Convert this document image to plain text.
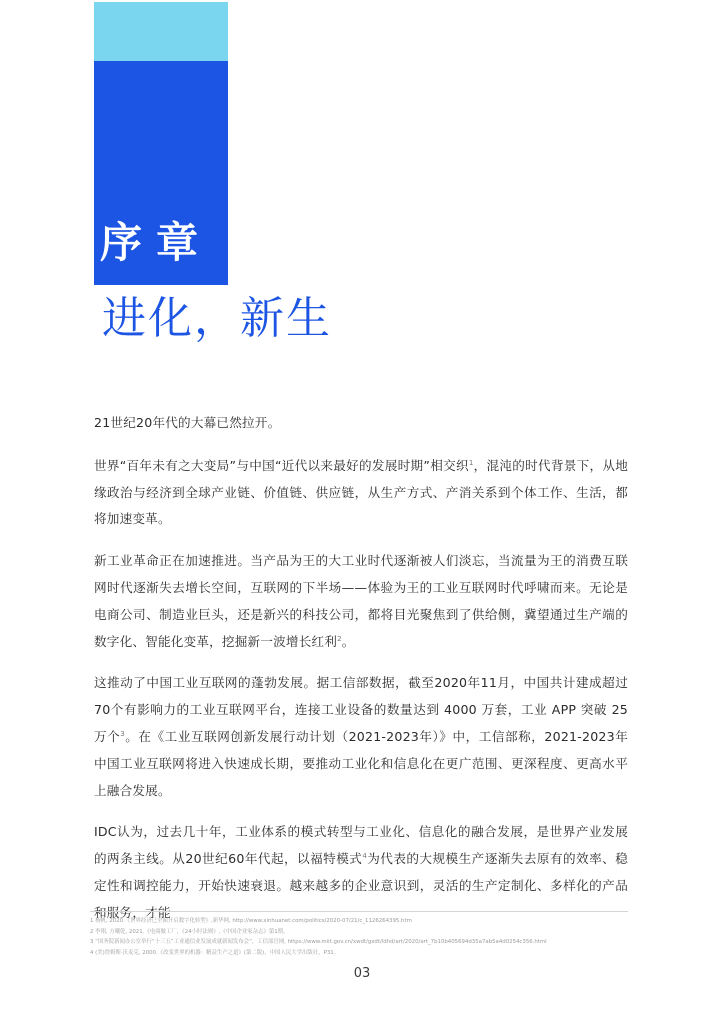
序章
进化，新生

21世纪20年代的大幕已然拉开。

世界“百年未有之大变局”与中国“近代以来最好的发展时期”相交织$^1$，混沌的时代背景下，从地缘政治与经济到全球产业链、价值链、供应链，从生产方式、产消关系到个体工作、生活，都将加速变革。

新工业革命正在加速推进。当产品为王的大工业时代逐渐被人们淡忘，当流量为王的消费互联网时代逐渐失去增长空间，互联网的下半场——体验为王的工业互联网时代呼啸而来。无论是电商公司、制造业巨头，还是新兴的科技公司，都将目光聚焦到了供给侧，冀望通过生产端的数字化、智能化变革，挖掘新一波增长红利$^2$。

这推动了中国工业互联网的蓬勃发展。据工信部数据，截至2020年11月，中国共计建成超过70个有影响力的工业互联网平台，连接工业设备的数量达到 4000 万套，工业 APP 突破 25 万个$^3$。在《工业互联网创新发展行动计划（2021-2023年）》中，工信部称，2021-2023年中国工业互联网将进入快速成长期，要推动工业化和信息化在更广范围、更深程度、更高水平上融合发展。

IDC认为，过去几十年，工业体系的模式转型与工业化、信息化的融合发展，是世界产业发展的两条主线。从20世纪60年代起，以福特模式$^4$为代表的大规模生产逐渐失去原有的效率、稳定性和调控能力，开始快速衰退。越来越多的企业意识到，灵活的生产定制化、多样化的产品和服务，才能

1 杨帆, 2020.《世界经济已全面开启数字化转型》,新华网, http://www.xinhuanet.com/politics/2020-07/21/c_1126264395.htm
2 李翔, 方曦乾, 2021.《电商做工厂，《24小时法则》,《中国企业家杂志》第1期。
3 “国务院新闻办公室举行“十三五”工业通信业发展成就新闻发布会”，工信部官网, https://www.miit.gov.cn/xwdt/gxdt/ldhd/art/2020/art_7b10b405694d35a7ab5a4d0254c356.html
4 (美)詹姆斯·沃麦克, 2000.《改变世界的机器：精益生产之道》(第二版)，中国人民大学出版社，P31。
03
